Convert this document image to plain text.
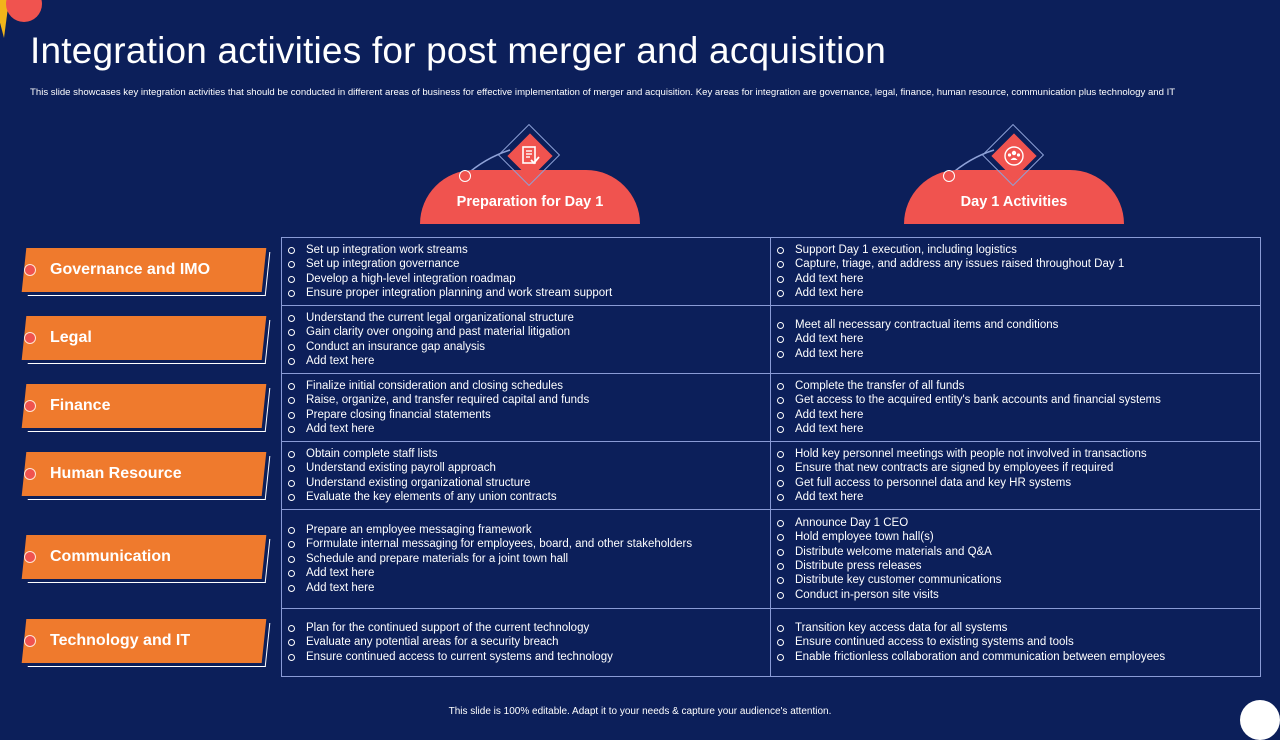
Integration activities for post merger and acquisition
This slide showcases key integration activities that should be conducted in different areas of business for effective implementation of merger and acquisition. Key areas for integration are governance, legal, finance, human resource, communication plus technology and IT
Preparation for Day 1	Day 1 Activities
Governance and IMO
Legal
Finance
Human Resource
Communication
Technology and IT
Set up integration work streams
Set up integration governance
Develop a high-level integration roadmap
Ensure proper integration planning and work stream support
Support Day 1 execution, including logistics
Capture, triage, and address any issues raised throughout Day 1
Add text here
Add text here
Understand the current legal organizational structure
Gain clarity over ongoing and past material litigation
Conduct an insurance gap analysis
Add text here
Meet all necessary contractual items and conditions
Add text here
Add text here
Finalize initial consideration and closing schedules
Raise, organize, and transfer required capital and funds
Prepare closing financial statements
Add text here
Complete the transfer of all funds
Get access to the acquired entity's bank accounts and financial systems
Add text here
Add text here
Obtain complete staff lists
Understand existing payroll approach
Understand existing organizational structure
Evaluate the key elements of any union contracts
Hold key personnel meetings with people not involved in transactions
Ensure that new contracts are signed by employees if required
Get full access to personnel data and key HR systems
Add text here
Prepare an employee messaging framework
Formulate internal messaging for employees, board, and other stakeholders
Schedule and prepare materials for a joint town hall
Add text here
Add text here
Announce Day 1 CEO
Hold employee town hall(s)
Distribute welcome materials and Q&A
Distribute press releases
Distribute key customer communications
Conduct in-person site visits
Plan for the continued support of the current technology
Evaluate any potential areas for a security breach
Ensure continued access to current systems and technology
Transition key access data for all systems
Ensure continued access to existing systems and tools
Enable frictionless collaboration and communication between employees
This slide is 100% editable. Adapt it to your needs & capture your audience's attention.
